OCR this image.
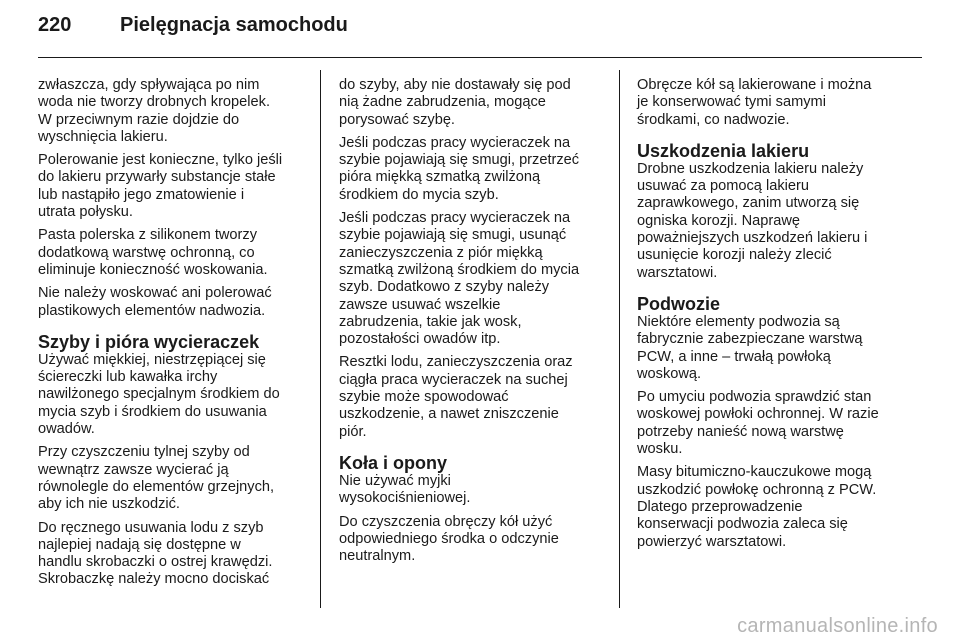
220	Pielęgnacja samochodu

zwłaszcza, gdy spływająca po nim
woda nie tworzy drobnych kropelek.
W przeciwnym razie dojdzie do
wyschnięcia lakieru.

Polerowanie jest konieczne, tylko jeśli
do lakieru przywarły substancje stałe
lub nastąpiło jego zmatowienie i
utrata połysku.

Pasta polerska z silikonem tworzy
dodatkową warstwę ochronną, co
eliminuje konieczność woskowania.

Nie należy woskować ani polerować
plastikowych elementów nadwozia.

Szyby i pióra wycieraczek

Używać miękkiej, niestrzępiącej się
ściereczki lub kawałka irchy
nawilżonego specjalnym środkiem do
mycia szyb i środkiem do usuwania
owadów.

Przy czyszczeniu tylnej szyby od
wewnątrz zawsze wycierać ją
równolegle do elementów grzejnych,
aby ich nie uszkodzić.

Do ręcznego usuwania lodu z szyb
najlepiej nadają się dostępne w
handlu skrobaczki o ostrej krawędzi.
Skrobaczkę należy mocno dociskać

do szyby, aby nie dostawały się pod
nią żadne zabrudzenia, mogące
porysować szybę.

Jeśli podczas pracy wycieraczek na
szybie pojawiają się smugi, przetrzeć
pióra miękką szmatką zwilżoną
środkiem do mycia szyb.

Jeśli podczas pracy wycieraczek na
szybie pojawiają się smugi, usunąć
zanieczyszczenia z piór miękką
szmatką zwilżoną środkiem do mycia
szyb. Dodatkowo z szyby należy
zawsze usuwać wszelkie
zabrudzenia, takie jak wosk,
pozostałości owadów itp.

Resztki lodu, zanieczyszczenia oraz
ciągła praca wycieraczek na suchej
szybie może spowodować
uszkodzenie, a nawet zniszczenie
piór.

Koła i opony

Nie używać myjki
wysokociśnieniowej.

Do czyszczenia obręczy kół użyć
odpowiedniego środka o odczynie
neutralnym.

Obręcze kół są lakierowane i można
je konserwować tymi samymi
środkami, co nadwozie.

Uszkodzenia lakieru

Drobne uszkodzenia lakieru należy
usuwać za pomocą lakieru
zaprawkowego, zanim utworzą się
ogniska korozji. Naprawę
poważniejszych uszkodzeń lakieru i
usunięcie korozji należy zlecić
warsztatowi.

Podwozie

Niektóre elementy podwozia są
fabrycznie zabezpieczane warstwą
PCW, a inne – trwałą powłoką
woskową.

Po umyciu podwozia sprawdzić stan
woskowej powłoki ochronnej. W razie
potrzeby nanieść nową warstwę
wosku.

Masy bitumiczno-kauczukowe mogą
uszkodzić powłokę ochronną z PCW.
Dlatego przeprowadzenie
konserwacji podwozia zaleca się
powierzyć warsztatowi.

carmanualsonline.info
